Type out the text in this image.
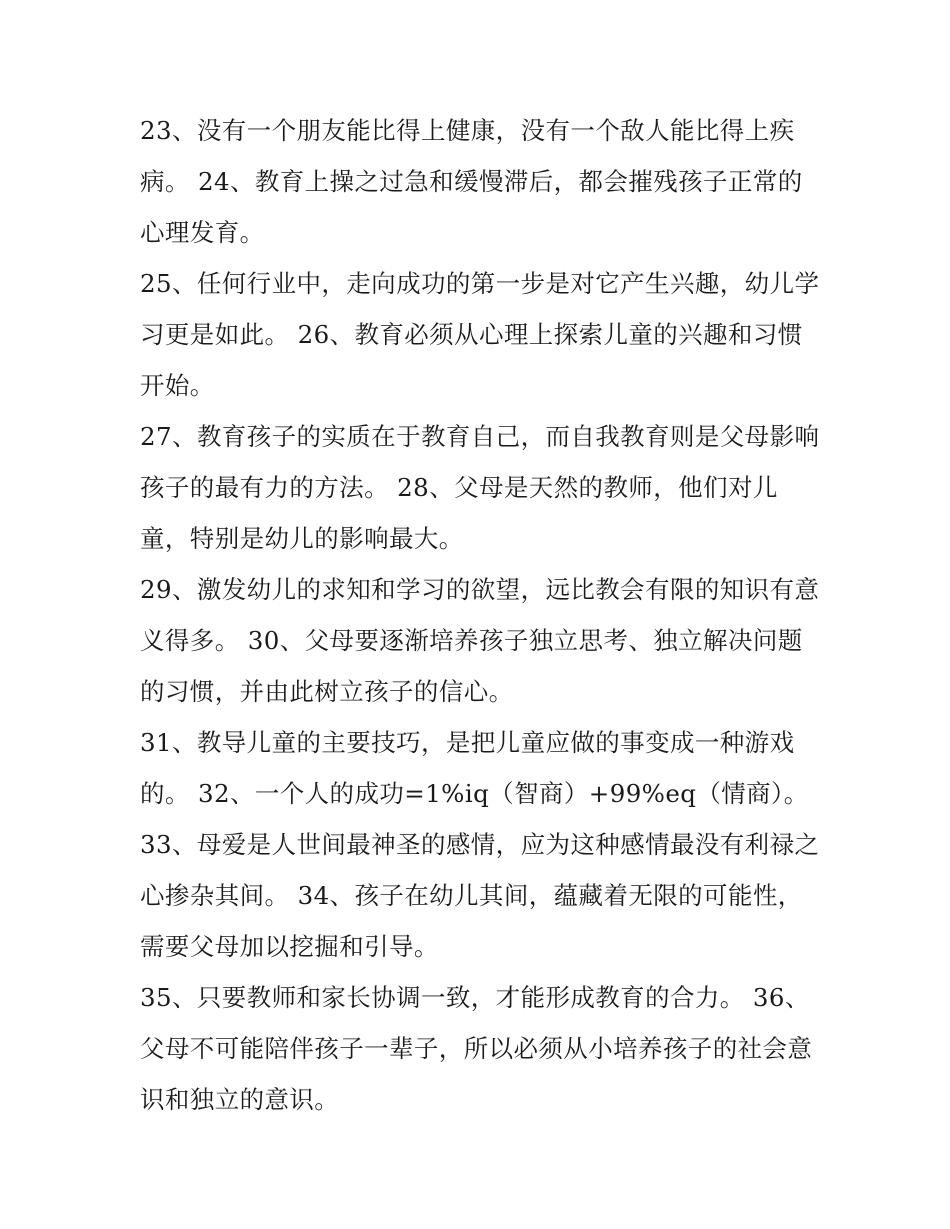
23、没有一个朋友能比得上健康，没有一个敌人能比得上疾
病。 24、教育上操之过急和缓慢滞后，都会摧残孩子正常的
心理发育。
25、任何行业中，走向成功的第一步是对它产生兴趣，幼儿学
习更是如此。 26、教育必须从心理上探索儿童的兴趣和习惯
开始。
27、教育孩子的实质在于教育自己，而自我教育则是父母影响
孩子的最有力的方法。 28、父母是天然的教师，他们对儿
童，特别是幼儿的影响最大。
29、激发幼儿的求知和学习的欲望，远比教会有限的知识有意
义得多。 30、父母要逐渐培养孩子独立思考、独立解决问题
的习惯，并由此树立孩子的信心。
31、教导儿童的主要技巧，是把儿童应做的事变成一种游戏
的。 32、一个人的成功=1%iq（智商）+99%eq（情商）。
33、母爱是人世间最神圣的感情，应为这种感情最没有利禄之
心掺杂其间。 34、孩子在幼儿其间，蕴藏着无限的可能性，
需要父母加以挖掘和引导。
35、只要教师和家长协调一致，才能形成教育的合力。 36、
父母不可能陪伴孩子一辈子，所以必须从小培养孩子的社会意
识和独立的意识。
